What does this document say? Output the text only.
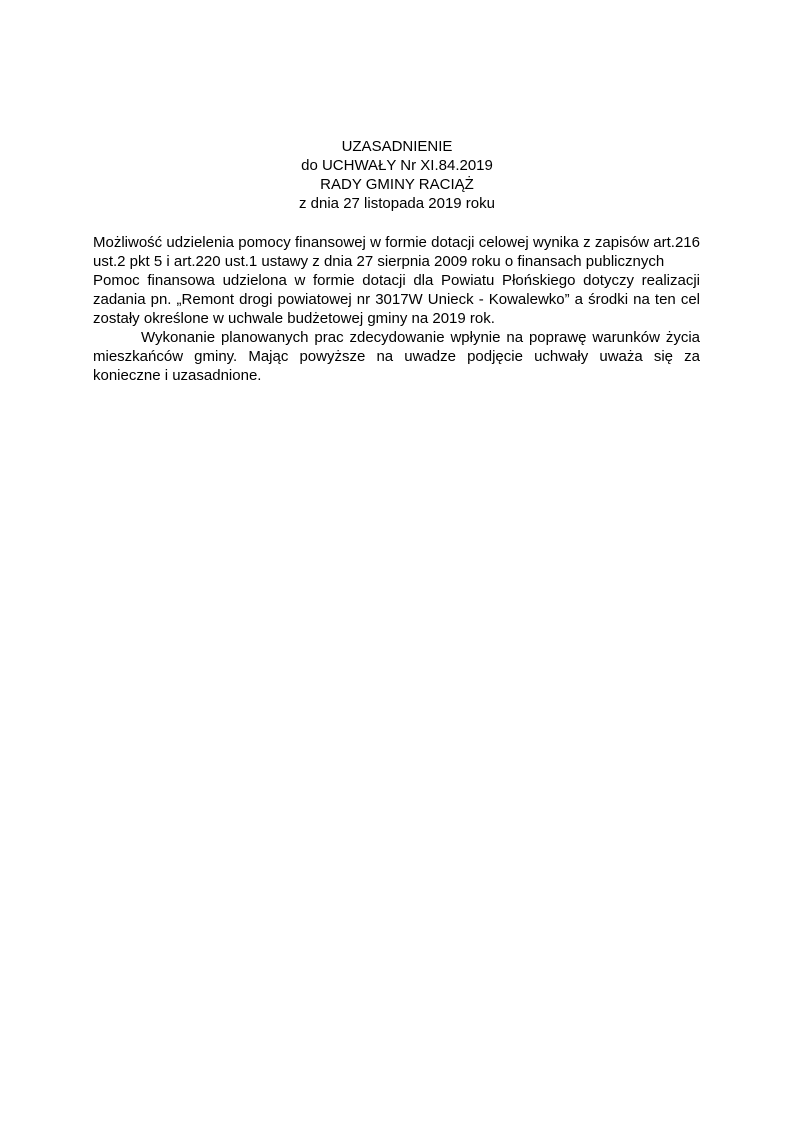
UZASADNIENIE
do UCHWAŁY Nr XI.84.2019
RADY GMINY RACIĄŻ
z dnia 27 listopada 2019 roku

Możliwość udzielenia pomocy finansowej w formie dotacji celowej wynika z zapisów art.216 ust.2 pkt 5 i art.220 ust.1 ustawy z dnia 27 sierpnia 2009 roku o finansach publicznych

Pomoc finansowa udzielona w formie dotacji dla Powiatu Płońskiego dotyczy realizacji zadania pn. „Remont drogi powiatowej nr 3017W Unieck - Kowalewko” a środki na ten cel zostały określone w uchwale budżetowej gminy na 2019 rok.

Wykonanie planowanych prac zdecydowanie wpłynie na poprawę warunków życia mieszkańców gminy. Mając powyższe na uwadze podjęcie uchwały uważa się za konieczne i uzasadnione.
